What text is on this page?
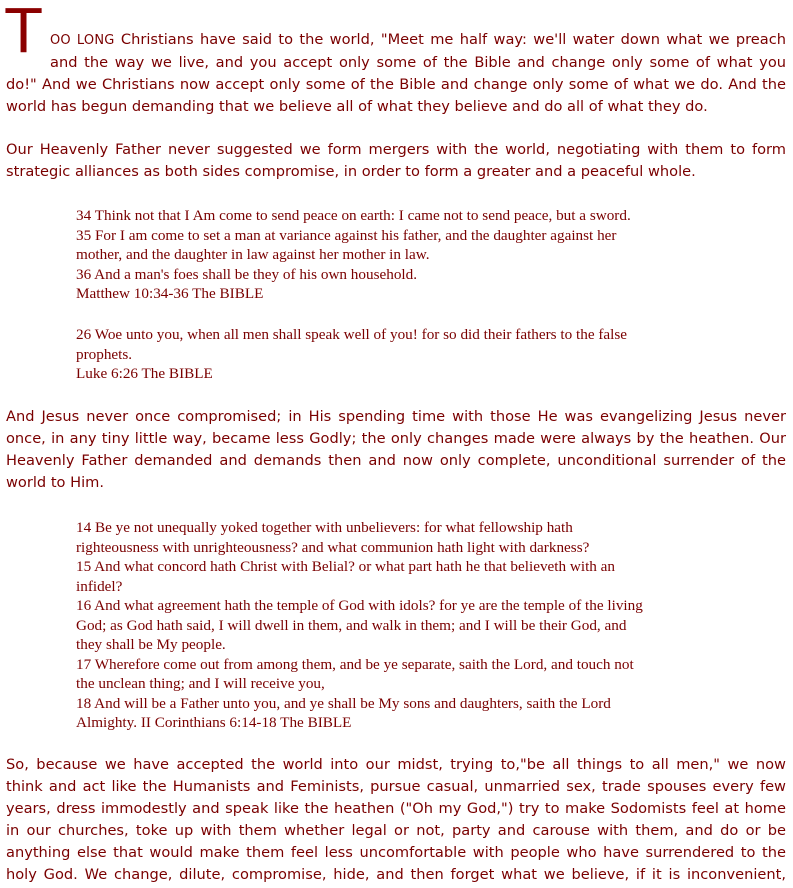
T OO LONG Christians have said to the world, "Meet me half way: we'll water down what we preach
and the way we live, and you accept only some of the Bible and change only some of what you
do!" And we Christians now accept only some of the Bible and change only some of what we do. And the
world has begun demanding that we believe all of what they believe and do all of what they do.
Our Heavenly Father never suggested we form mergers with the world, negotiating with them to form
strategic alliances as both sides compromise, in order to form a greater and a peaceful whole.
34 Think not that I Am come to send peace on earth: I came not to send peace, but a sword.
35 For I am come to set a man at variance against his father, and the daughter against her
mother, and the daughter in law against her mother in law.
36 And a man's foes shall be they of his own household.
Matthew 10:34-36 The BIBLE
26 Woe unto you, when all men shall speak well of you! for so did their fathers to the false
prophets.
Luke 6:26 The BIBLE
And Jesus never once compromised; in His spending time with those He was evangelizing Jesus never
once, in any tiny little way, became less Godly; the only changes made were always by the heathen. Our
Heavenly Father demanded and demands then and now only complete, unconditional surrender of the
world to Him.
14 Be ye not unequally yoked together with unbelievers: for what fellowship hath
righteousness with unrighteousness? and what communion hath light with darkness?
15 And what concord hath Christ with Belial? or what part hath he that believeth with an
infidel?
16 And what agreement hath the temple of God with idols? for ye are the temple of the living
God; as God hath said, I will dwell in them, and walk in them; and I will be their God, and
they shall be My people.
17 Wherefore come out from among them, and be ye separate, saith the Lord, and touch not
the unclean thing; and I will receive you,
18 And will be a Father unto you, and ye shall be My sons and daughters, saith the Lord
Almighty. II Corinthians 6:14-18 The BIBLE
So, because we have accepted the world into our midst, trying to,"be all things to all men," we now
think and act like the Humanists and Feminists, pursue casual, unmarried sex, trade spouses every few
years, dress immodestly and speak like the heathen ("Oh my God,") try to make Sodomists feel at home
in our churches, toke up with them whether legal or not, party and carouse with them, and do or be
anything else that would make them feel less uncomfortable with people who have surrendered to the
holy God. We change, dilute, compromise, hide, and then forget what we believe, if it is inconvenient,
